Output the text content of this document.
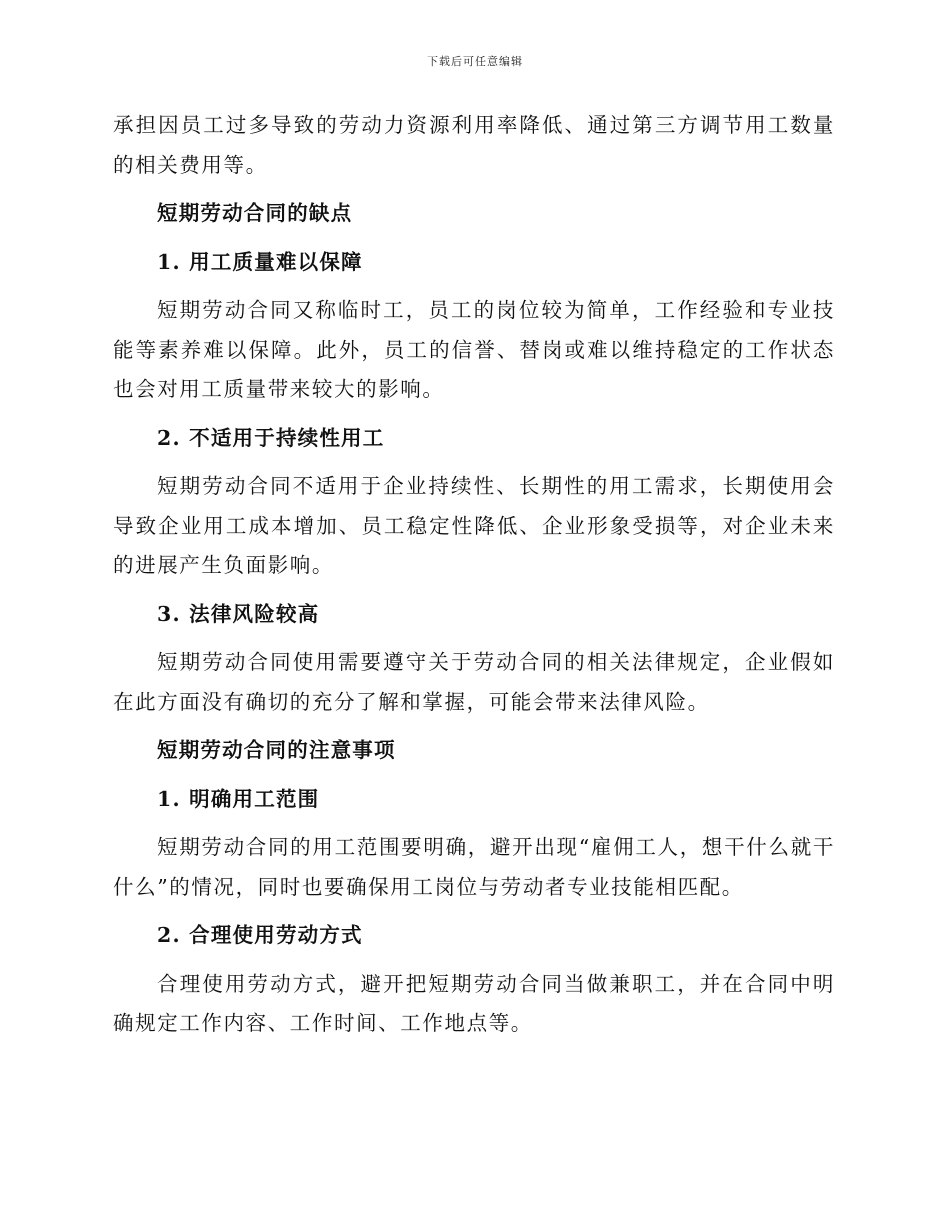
下载后可任意编辑

承担因员工过多导致的劳动力资源利用率降低、通过第三方调节用工数量的相关费用等。

短期劳动合同的缺点

1. 用工质量难以保障

短期劳动合同又称临时工，员工的岗位较为简单，工作经验和专业技能等素养难以保障。此外，员工的信誉、替岗或难以维持稳定的工作状态也会对用工质量带来较大的影响。

2. 不适用于持续性用工

短期劳动合同不适用于企业持续性、长期性的用工需求，长期使用会导致企业用工成本增加、员工稳定性降低、企业形象受损等，对企业未来的进展产生负面影响。

3. 法律风险较高

短期劳动合同使用需要遵守关于劳动合同的相关法律规定，企业假如在此方面没有确切的充分了解和掌握，可能会带来法律风险。

短期劳动合同的注意事项

1. 明确用工范围

短期劳动合同的用工范围要明确，避开出现“雇佣工人，想干什么就干什么”的情况，同时也要确保用工岗位与劳动者专业技能相匹配。

2. 合理使用劳动方式

合理使用劳动方式，避开把短期劳动合同当做兼职工，并在合同中明确规定工作内容、工作时间、工作地点等。
